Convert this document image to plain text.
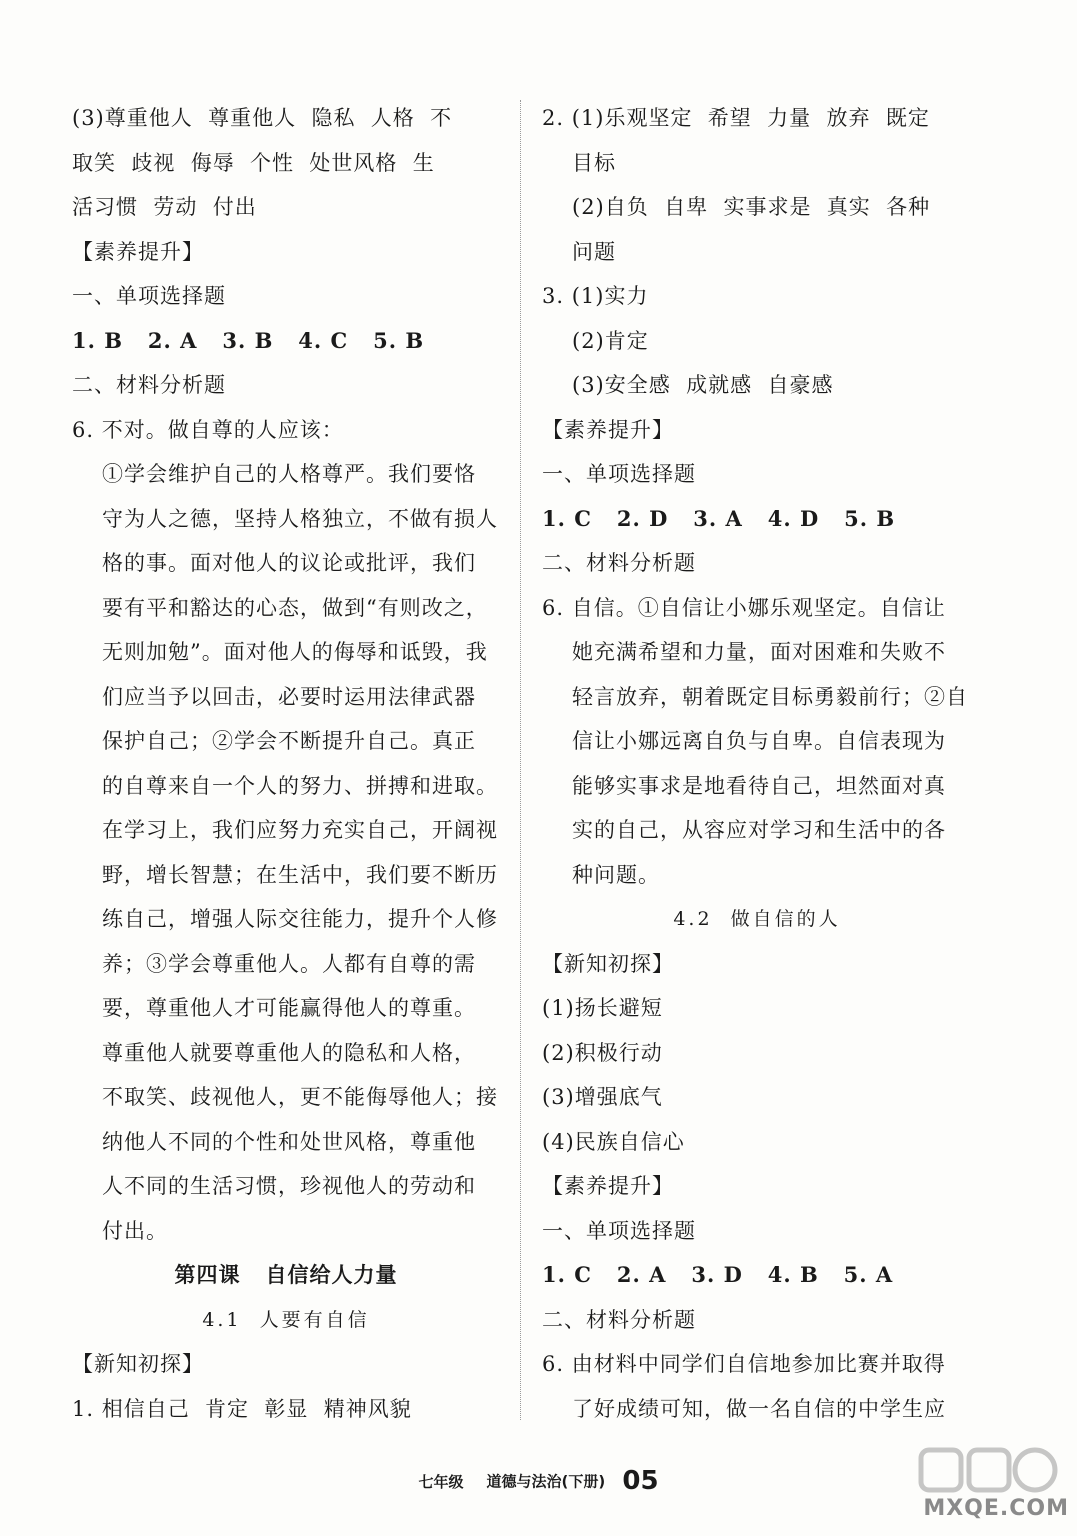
(3)尊重他人  尊重他人  隐私  人格  不
取笑  歧视  侮辱  个性  处世风格  生
活习惯  劳动  付出
【素养提升】
一、单项选择题
1. B   2. A   3. B   4. C   5. B
二、材料分析题
6. 不对。做自尊的人应该：
①学会维护自己的人格尊严。我们要恪
守为人之德，坚持人格独立，不做有损人
格的事。面对他人的议论或批评，我们
要有平和豁达的心态，做到“有则改之，
无则加勉”。面对他人的侮辱和诋毁，我
们应当予以回击，必要时运用法律武器
保护自己；②学会不断提升自己。真正
的自尊来自一个人的努力、拼搏和进取。
在学习上，我们应努力充实自己，开阔视
野，增长智慧；在生活中，我们要不断历
练自己，增强人际交往能力，提升个人修
养；③学会尊重他人。人都有自尊的需
要，尊重他人才可能赢得他人的尊重。
尊重他人就要尊重他人的隐私和人格，
不取笑、歧视他人，更不能侮辱他人；接
纳他人不同的个性和处世风格，尊重他
人不同的生活习惯，珍视他人的劳动和
付出。
第四课   自信给人力量
4.1  人要有自信
【新知初探】
1. 相信自己  肯定  彰显  精神风貌
2. (1)乐观坚定  希望  力量  放弃  既定
目标
(2)自负  自卑  实事求是  真实  各种
问题
3. (1)实力
(2)肯定
(3)安全感  成就感  自豪感
【素养提升】
一、单项选择题
1. C   2. D   3. A   4. D   5. B
二、材料分析题
6. 自信。①自信让小娜乐观坚定。自信让
她充满希望和力量，面对困难和失败不
轻言放弃，朝着既定目标勇毅前行；②自
信让小娜远离自负与自卑。自信表现为
能够实事求是地看待自己，坦然面对真
实的自己，从容应对学习和生活中的各
种问题。
4.2  做自信的人
【新知初探】
(1)扬长避短
(2)积极行动
(3)增强底气
(4)民族自信心
【素养提升】
一、单项选择题
1. C   2. A   3. D   4. B   5. A
二、材料分析题
6. 由材料中同学们自信地参加比赛并取得
了好成绩可知，做一名自信的中学生应
七年级 道德与法治(下册) 05
MXQE.COM
